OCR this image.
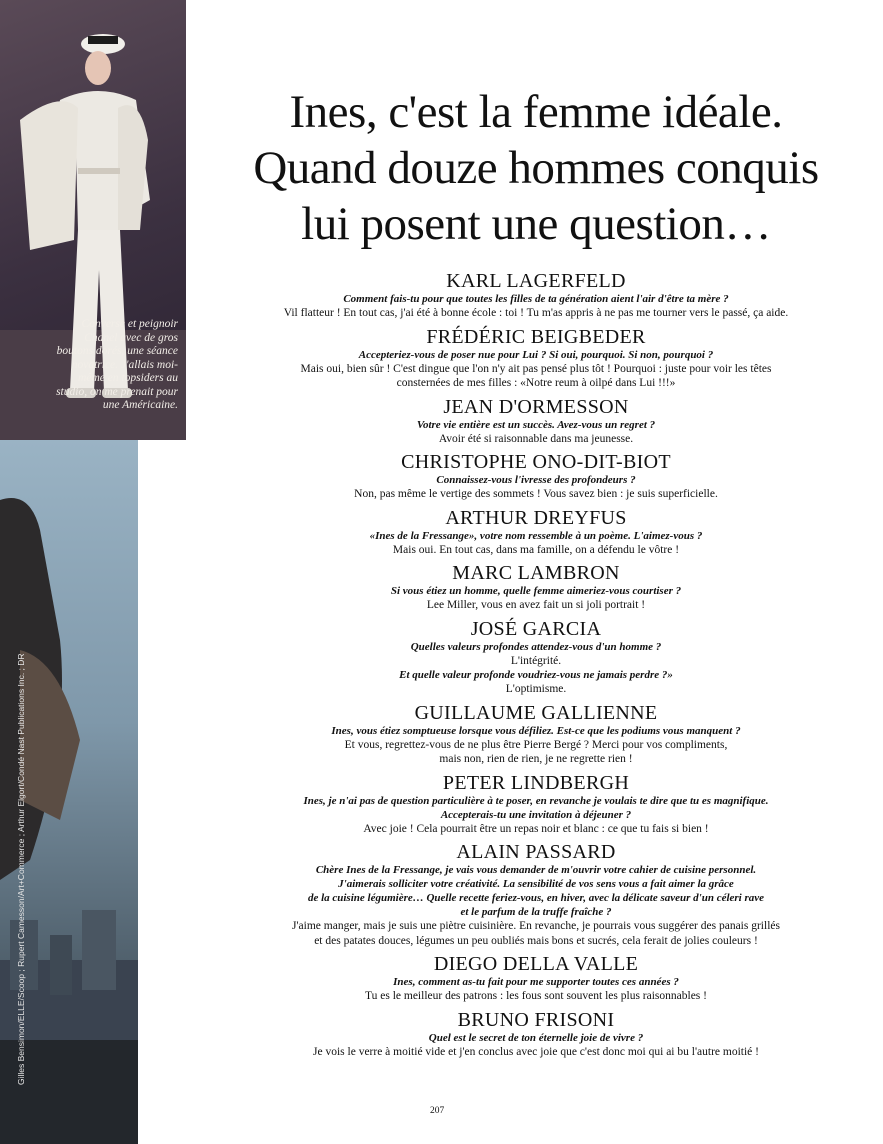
Converse et peignoir Chanel avec de gros boutons dorés, une séance novatrice. J'allais moi-même en topsiders au studio, on me prenait pour une Américaine.
Gilles Bensimon/ELLE/Scoop ; Rupert Camesson/Art+Commerce ; Arthur Elgort/Condé Nast Publications Inc. ; DR
Ines, c'est la femme idéale.
Quand douze hommes conquis
lui posent une question…
KARL LAGERFELD

Comment fais-tu pour que toutes les filles de ta génération aient l'air d'être ta mère ?

Vil flatteur ! En tout cas, j'ai été à bonne école : toi ! Tu m'as appris à ne pas me tourner vers le passé, ça aide.

FRÉDÉRIC BEIGBEDER

Accepteriez-vous de poser nue pour Lui ? Si oui, pourquoi. Si non, pourquoi ?

Mais oui, bien sûr ! C'est dingue que l'on n'y ait pas pensé plus tôt ! Pourquoi : juste pour voir les têtes
consternées de mes filles : «Notre reum à oilpé dans Lui !!!»

JEAN D'ORMESSON

Votre vie entière est un succès. Avez-vous un regret ?

Avoir été si raisonnable dans ma jeunesse.

CHRISTOPHE ONO-DIT-BIOT

Connaissez-vous l'ivresse des profondeurs ?

Non, pas même le vertige des sommets ! Vous savez bien : je suis superficielle.

ARTHUR DREYFUS

«Ines de la Fressange», votre nom ressemble à un poème. L'aimez-vous ?

Mais oui. En tout cas, dans ma famille, on a défendu le vôtre !

MARC LAMBRON

Si vous étiez un homme, quelle femme aimeriez-vous courtiser ?

Lee Miller, vous en avez fait un si joli portrait !

JOSÉ GARCIA

Quelles valeurs profondes attendez-vous d'un homme ?

L'intégrité.

Et quelle valeur profonde voudriez-vous ne jamais perdre ?»

L'optimisme.

GUILLAUME GALLIENNE

Ines, vous étiez somptueuse lorsque vous défiliez. Est-ce que les podiums vous manquent ?

Et vous, regrettez-vous de ne plus être Pierre Bergé ? Merci pour vos compliments,
mais non, rien de rien, je ne regrette rien !

PETER LINDBERGH

Ines, je n'ai pas de question particulière à te poser, en revanche je voulais te dire que tu es magnifique.
Accepterais-tu une invitation à déjeuner ?

Avec joie ! Cela pourrait être un repas noir et blanc : ce que tu fais si bien !

ALAIN PASSARD

Chère Ines de la Fressange, je vais vous demander de m'ouvrir votre cahier de cuisine personnel.
J'aimerais solliciter votre créativité. La sensibilité de vos sens vous a fait aimer la grâce
de la cuisine légumière… Quelle recette feriez-vous, en hiver, avec la délicate saveur d'un céleri rave
et le parfum de la truffe fraîche ?

J'aime manger, mais je suis une piètre cuisinière. En revanche, je pourrais vous suggérer des panais grillés
et des patates douces, légumes un peu oubliés mais bons et sucrés, cela ferait de jolies couleurs !

DIEGO DELLA VALLE

Ines, comment as-tu fait pour me supporter toutes ces années ?

Tu es le meilleur des patrons : les fous sont souvent les plus raisonnables !

BRUNO FRISONI

Quel est le secret de ton éternelle joie de vivre ?

Je vois le verre à moitié vide et j'en conclus avec joie que c'est donc moi qui ai bu l'autre moitié !

207
